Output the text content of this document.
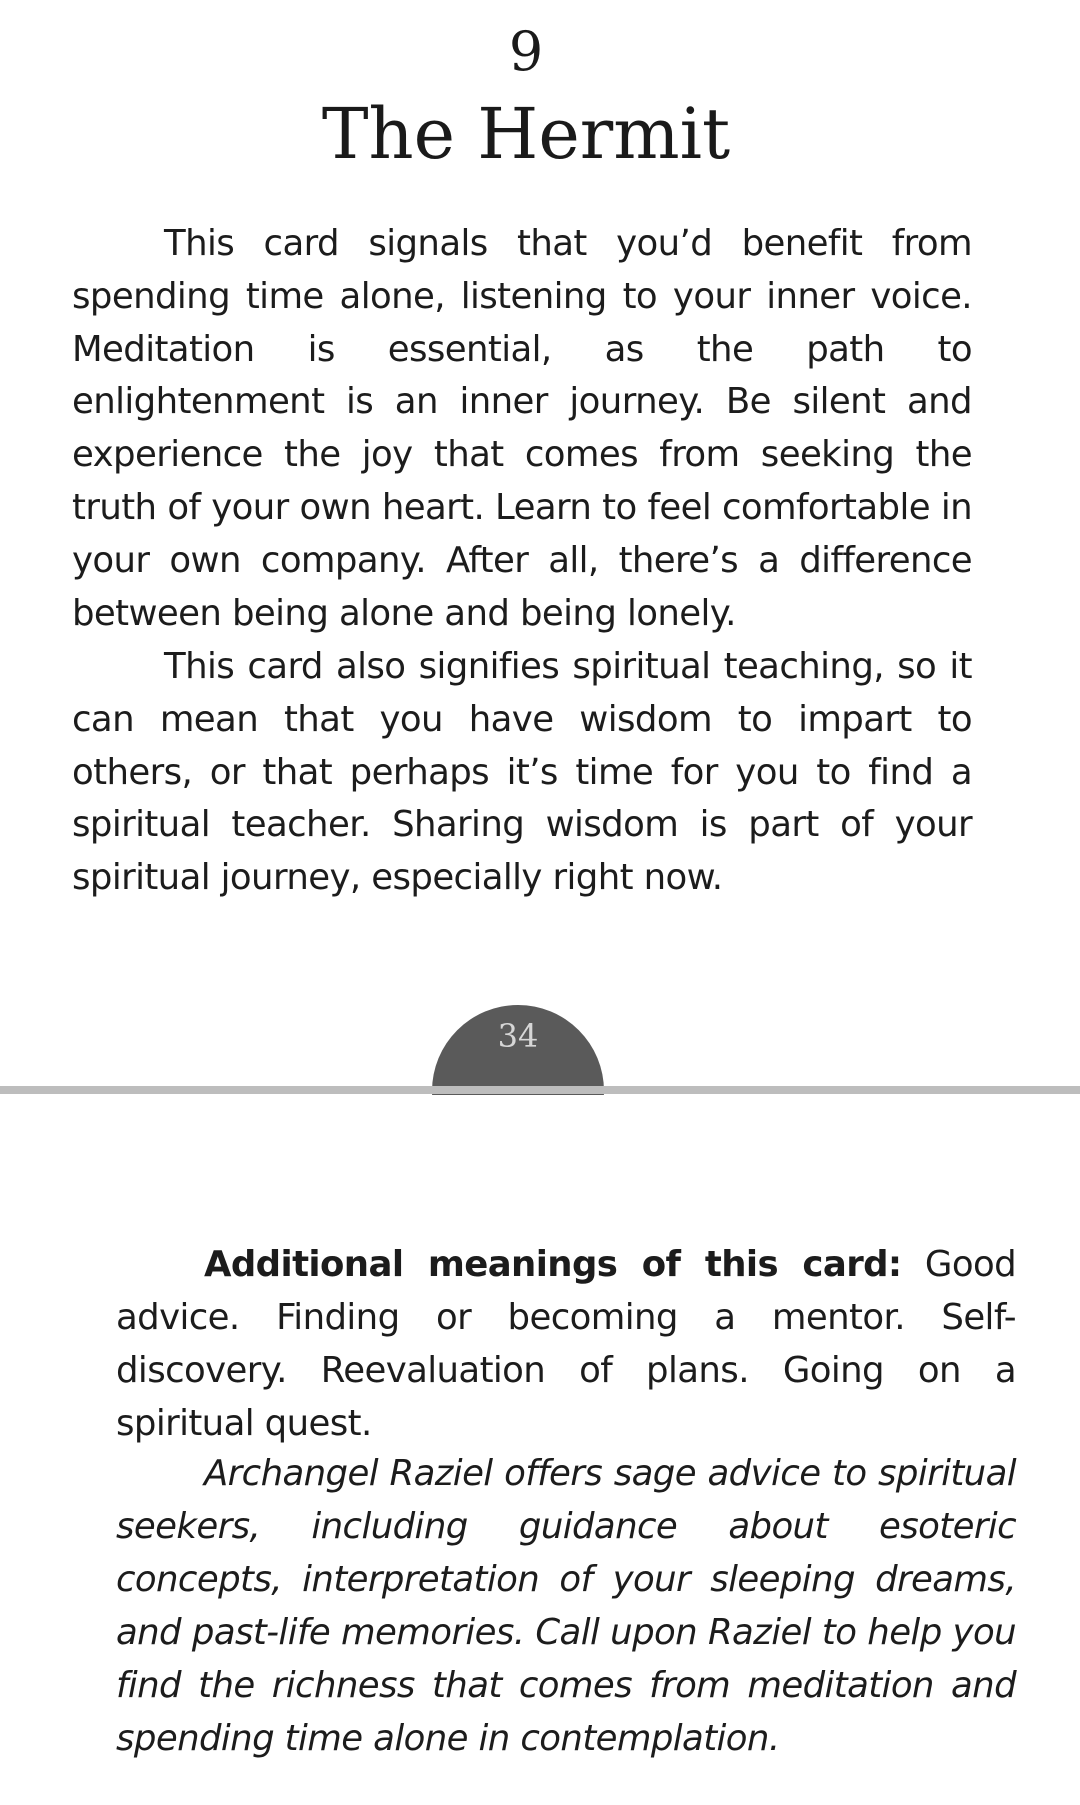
9
The Hermit

This card signals that you’d benefit from spending time alone, listening to your inner voice. Meditation is essential, as the path to enlightenment is an inner journey. Be silent and experience the joy that comes from seeking the truth of your own heart. Learn to feel comfortable in your own company. After all, there’s a difference between being alone and being lonely.

This card also signifies spiritual teaching, so it can mean that you have wisdom to impart to others, or that perhaps it’s time for you to find a spiritual teacher. Sharing wisdom is part of your spiritual journey, especially right now.

34

Additional meanings of this card: Good advice. Finding or becoming a mentor. Self-discovery. Reevaluation of plans. Going on a spiritual quest.

Archangel Raziel offers sage advice to spiritual seekers, including guidance about esoteric concepts, interpretation of your sleeping dreams, and past-life memories. Call upon Raziel to help you find the richness that comes from meditation and spending time alone in contemplation.
